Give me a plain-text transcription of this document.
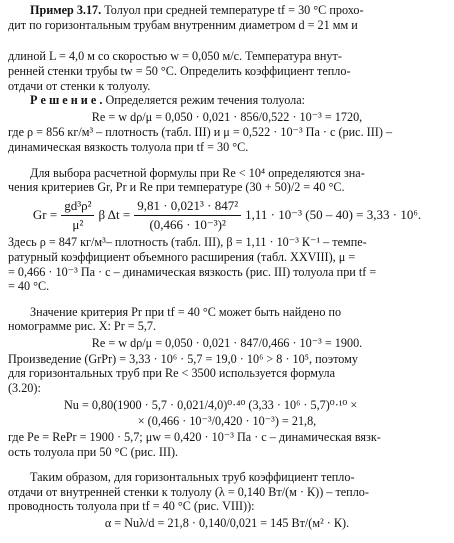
Пример 3.17. Толуол при средней температуре tf = 30 °С прохо-

дит по горизонтальным трубам внутренним диаметром d = 21 мм и

длиной L = 4,0 м со скоростью w = 0,050 м/с. Температура внут-

ренней стенки трубы tw = 50 °С. Определить коэффициент тепло-

отдачи от стенки к толуолу.

Р е ш е н и е . Определяется режим течения толуола:

Re = w dρ/μ = 0,050 · 0,021 · 856/0,522 · 10⁻³ = 1720,

где ρ = 856 кг/м³ – плотность (табл. III) и μ = 0,522 · 10⁻³ Па · с (рис. III) –

динамическая вязкость толуола при tf = 30 °С.

Для выбора расчетной формулы при Re < 10⁴ определяются зна-

чения критериев Gr, Pr и Re при температуре (30 + 50)/2 = 40 °С.

$Gr = \frac{\text{gd³ρ²}}{\text{μ²}}$ β $\Delta t = \frac{\text{9,81 · 0,021³ · 847²}}{\text{(0,466 · 10⁻³)²}} 1,11 \cdot 10^{-3}$ (50 – 40) = 3,33 · 10⁶.

Здесь ρ = 847 кг/м³– плотность (табл. III), β = 1,11 · 10⁻³ К⁻¹ – темпе-

ратурный коэффициент объемного расширения (табл. XXVIII), μ =

= 0,466 · 10⁻³ Па · с – динамическая вязкость (рис. III) толуола при tf =

= 40 °С.

Значение критерия Pr при tf = 40 °С может быть найдено по

номограмме рис. X: Pr = 5,7.

Re = w dρ/μ = 0,050 · 0,021 · 847/0,466 · 10⁻³ = 1900.

Произведение (GrPr) = 3,33 · 10⁶ · 5,7 = 19,0 · 10⁶ > 8 · 10⁵, поэтому

для горизонтальных труб при Re < 3500 используется формула

(3.20):

Nu = 0,80(1900 · 5,7 · 0,021/4,0)⁰·⁴⁰ (3,33 · 10⁶ · 5,7)⁰·¹⁰ ×

× (0,466 · 10⁻³/0,420 · 10⁻³) = 21,8,

где Pe = RePr = 1900 · 5,7; μw = 0,420 · 10⁻³ Па · с – динамическая вязк-

ость толуола при 50 °С (рис. III).

Таким образом, для горизонтальных труб коэффициент тепло-

отдачи от внутренней стенки к толуолу (λ = 0,140 Вт/(м · К)) – тепло-

проводность толуола при tf = 40 °С (рис. VIII)):

α = Nuλ/d = 21,8 · 0,140/0,021 = 145 Вт/(м² · К).
